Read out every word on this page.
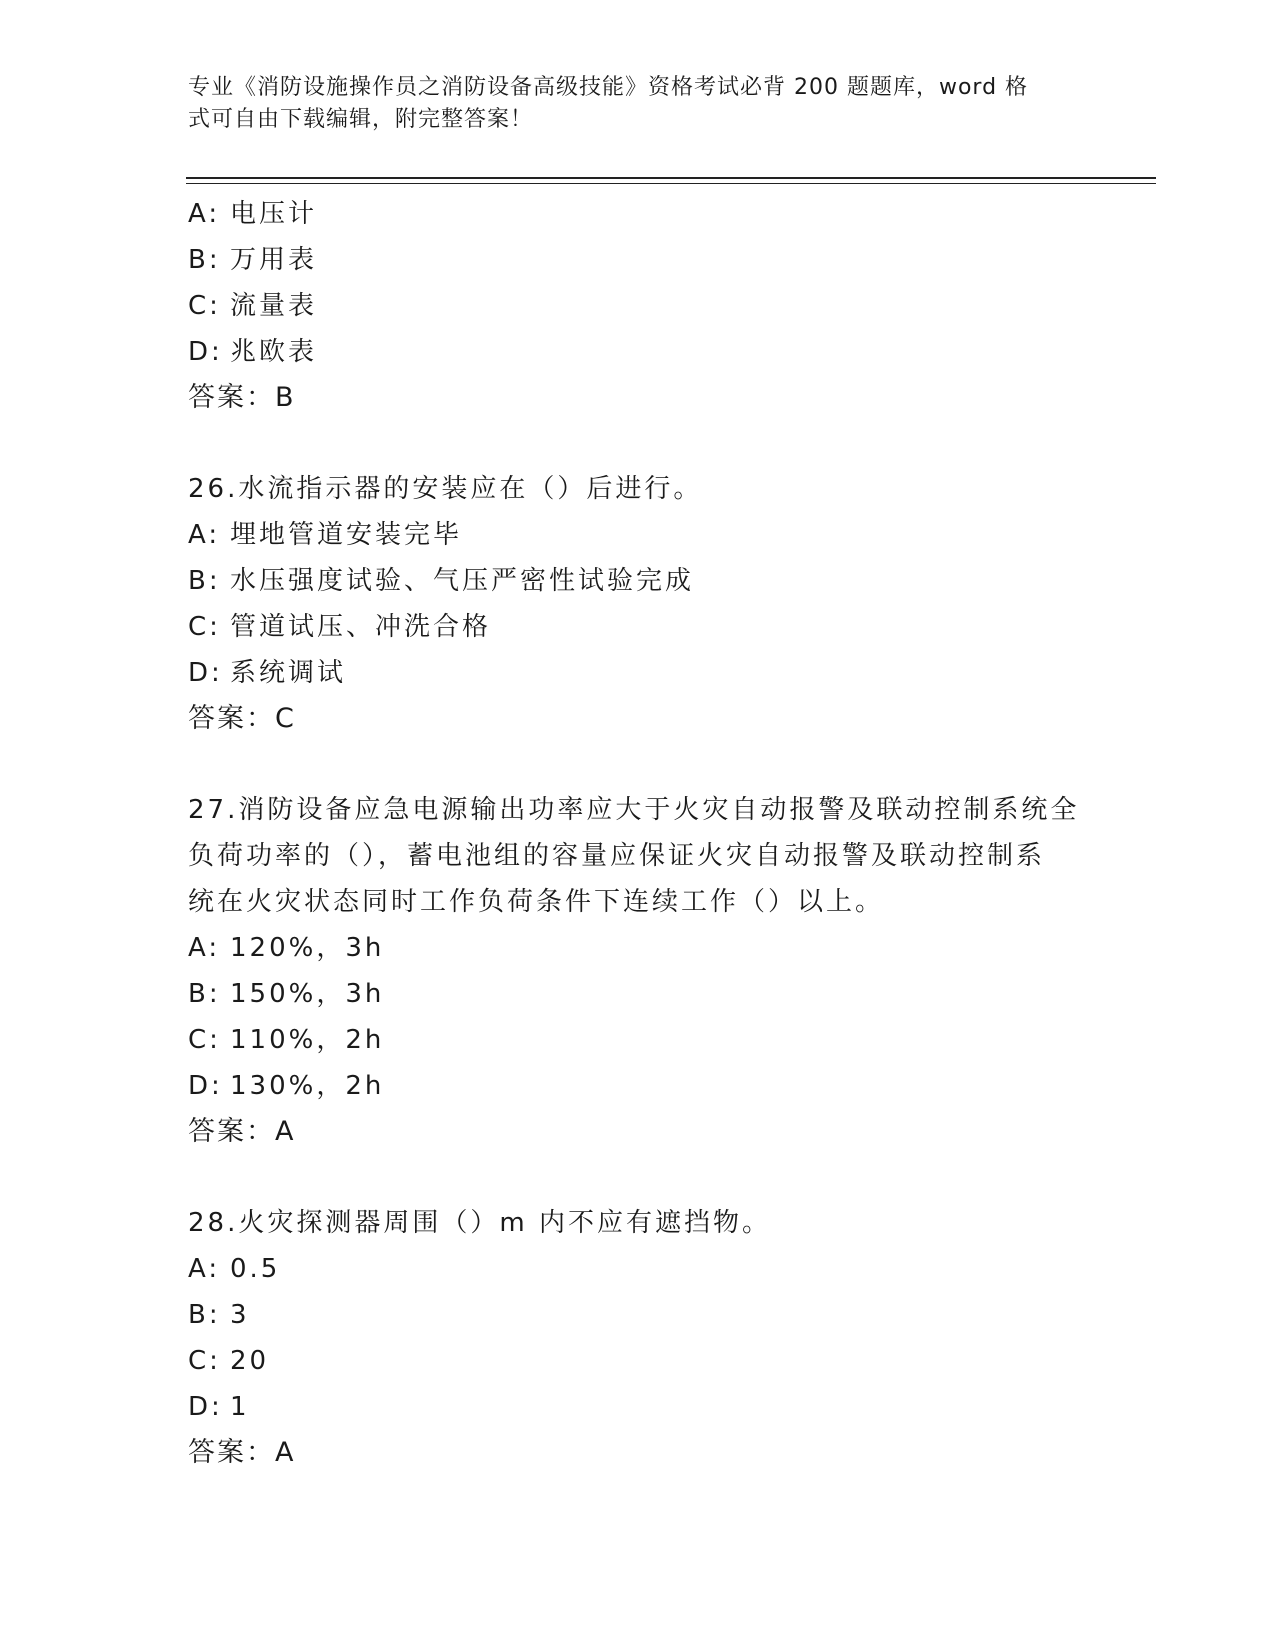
专业《消防设施操作员之消防设备高级技能》资格考试必背 200 题题库，word 格
式可自由下载编辑，附完整答案！
A: 电压计
B: 万用表
C: 流量表
D: 兆欧表
答案：B
26.水流指示器的安装应在（）后进行。
A: 埋地管道安装完毕
B: 水压强度试验、气压严密性试验完成
C: 管道试压、冲洗合格
D: 系统调试
答案：C
27.消防设备应急电源输出功率应大于火灾自动报警及联动控制系统全
负荷功率的（），蓄电池组的容量应保证火灾自动报警及联动控制系
统在火灾状态同时工作负荷条件下连续工作（）以上。
A: 120%，3h
B: 150%，3h
C: 110%，2h
D: 130%，2h
答案：A
28.火灾探测器周围（）m 内不应有遮挡物。
A: 0.5
B: 3
C: 20
D: 1
答案：A
